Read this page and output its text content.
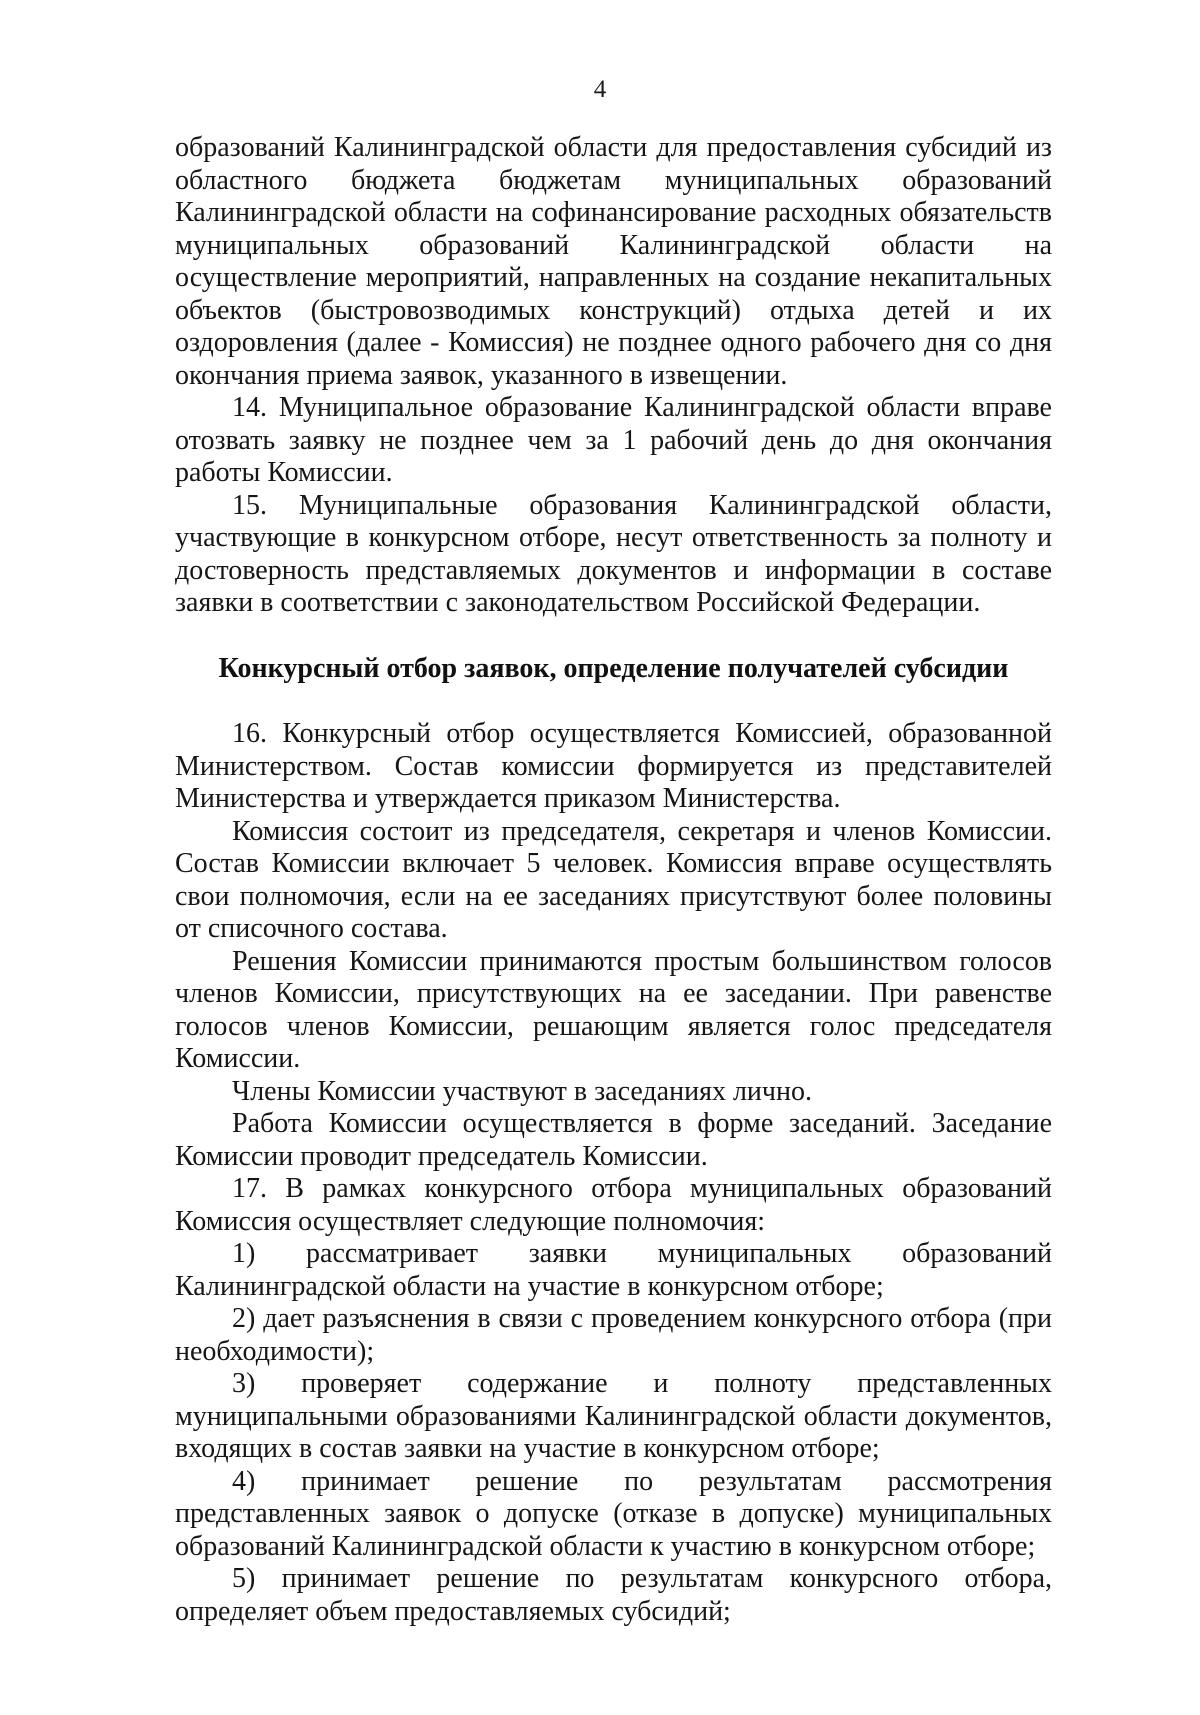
4

образований Калининградской области для предоставления субсидий из областного бюджета бюджетам муниципальных образований Калининградской области на софинансирование расходных обязательств муниципальных образований Калининградской области на осуществление мероприятий, направленных на создание некапитальных объектов (быстровозводимых конструкций) отдыха детей и их оздоровления (далее - Комиссия) не позднее одного рабочего дня со дня окончания приема заявок, указанного в извещении.

14. Муниципальное образование Калининградской области вправе отозвать заявку не позднее чем за 1 рабочий день до дня окончания работы Комиссии.

15. Муниципальные образования Калининградской области, участвующие в конкурсном отборе, несут ответственность за полноту и достоверность представляемых документов и информации в составе заявки в соответствии с законодательством Российской Федерации.

Конкурсный отбор заявок, определение получателей субсидии

16. Конкурсный отбор осуществляется Комиссией, образованной Министерством. Состав комиссии формируется из представителей Министерства и утверждается приказом Министерства.

Комиссия состоит из председателя, секретаря и членов Комиссии. Состав Комиссии включает 5 человек. Комиссия вправе осуществлять свои полномочия, если на ее заседаниях присутствуют более половины от списочного состава.

Решения Комиссии принимаются простым большинством голосов членов Комиссии, присутствующих на ее заседании. При равенстве голосов членов Комиссии, решающим является голос председателя Комиссии.

Члены Комиссии участвуют в заседаниях лично.

Работа Комиссии осуществляется в форме заседаний. Заседание Комиссии проводит председатель Комиссии.

17. В рамках конкурсного отбора муниципальных образований Комиссия осуществляет следующие полномочия:

1) рассматривает заявки муниципальных образований Калининградской области на участие в конкурсном отборе;

2) дает разъяснения в связи с проведением конкурсного отбора (при необходимости);

3) проверяет содержание и полноту представленных муниципальными образованиями Калининградской области документов, входящих в состав заявки на участие в конкурсном отборе;

4) принимает решение по результатам рассмотрения представленных заявок о допуске (отказе в допуске) муниципальных образований Калининградской области к участию в конкурсном отборе;

5) принимает решение по результатам конкурсного отбора, определяет объем предоставляемых субсидий;
